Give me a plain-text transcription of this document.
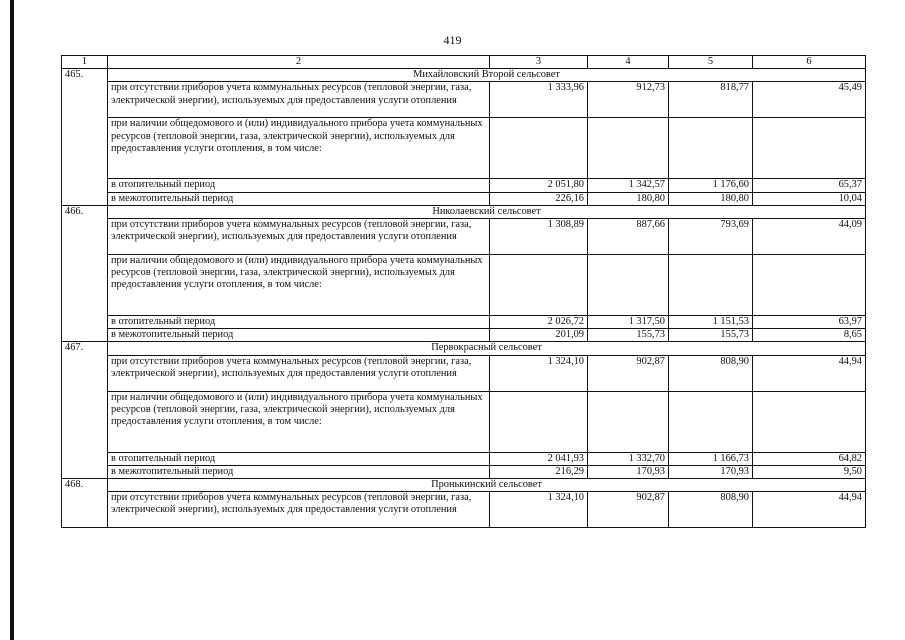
419
1	2	3	4	5	6
465.	Михайловский Второй сельсовет				
	при отсутствии приборов учета коммунальных ресурсов (тепловой энергии, газа, электрической энергии), используемых для предоставления услуги отопления	1 333,96	912,73	818,77	45,49
	при наличии общедомового и (или) индивидуального прибора учета коммунальных ресурсов (тепловой энергии, газа, электрической энергии), используемых для предоставления услуги отопления, в том числе:				
	в отопительный период	2 051,80	1 342,57	1 176,60	65,37
	в межотопительный период	226,16	180,80	180,80	10,04
466.	Николаевский сельсовет				
	при отсутствии приборов учета коммунальных ресурсов (тепловой энергии, газа, электрической энергии), используемых для предоставления услуги отопления	1 308,89	887,66	793,69	44,09
	при наличии общедомового и (или) индивидуального прибора учета коммунальных ресурсов (тепловой энергии, газа, электрической энергии), используемых для предоставления услуги отопления, в том числе:				
	в отопительный период	2 026,72	1 317,50	1 151,53	63,97
	в межотопительный период	201,09	155,73	155,73	8,65
467.	Первокрасный сельсовет				
	при отсутствии приборов учета коммунальных ресурсов (тепловой энергии, газа, электрической энергии), используемых для предоставления услуги отопления	1 324,10	902,87	808,90	44,94
	при наличии общедомового и (или) индивидуального прибора учета коммунальных ресурсов (тепловой энергии, газа, электрической энергии), используемых для предоставления услуги отопления, в том числе:				
	в отопительный период	2 041,93	1 332,70	1 166,73	64,82
	в межотопительный период	216,29	170,93	170,93	9,50
468.	Пронькинский сельсовет				
	при отсутствии приборов учета коммунальных ресурсов (тепловой энергии, газа, электрической энергии), используемых для предоставления услуги отопления	1 324,10	902,87	808,90	44,94
